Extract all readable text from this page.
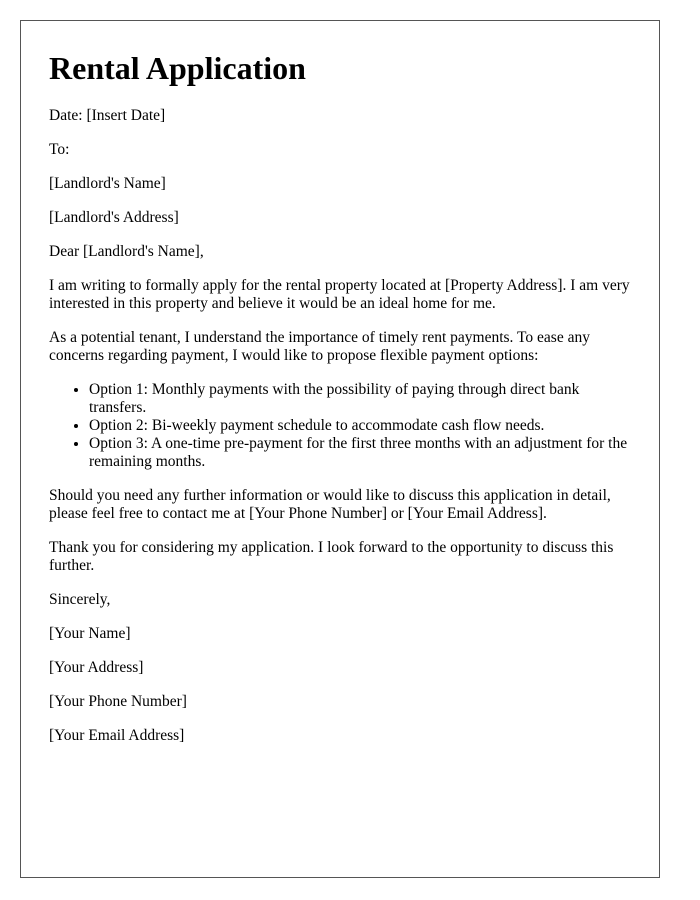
Rental Application

Date: [Insert Date]

To:

[Landlord's Name]

[Landlord's Address]

Dear [Landlord's Name],

I am writing to formally apply for the rental property located at [Property Address]. I am very interested in this property and believe it would be an ideal home for me.

As a potential tenant, I understand the importance of timely rent payments. To ease any concerns regarding payment, I would like to propose flexible payment options:

• Option 1: Monthly payments with the possibility of paying through direct bank transfers.
• Option 2: Bi-weekly payment schedule to accommodate cash flow needs.
• Option 3: A one-time pre-payment for the first three months with an adjustment for the remaining months.

Should you need any further information or would like to discuss this application in detail, please feel free to contact me at [Your Phone Number] or [Your Email Address].

Thank you for considering my application. I look forward to the opportunity to discuss this further.

Sincerely,

[Your Name]

[Your Address]

[Your Phone Number]

[Your Email Address]
